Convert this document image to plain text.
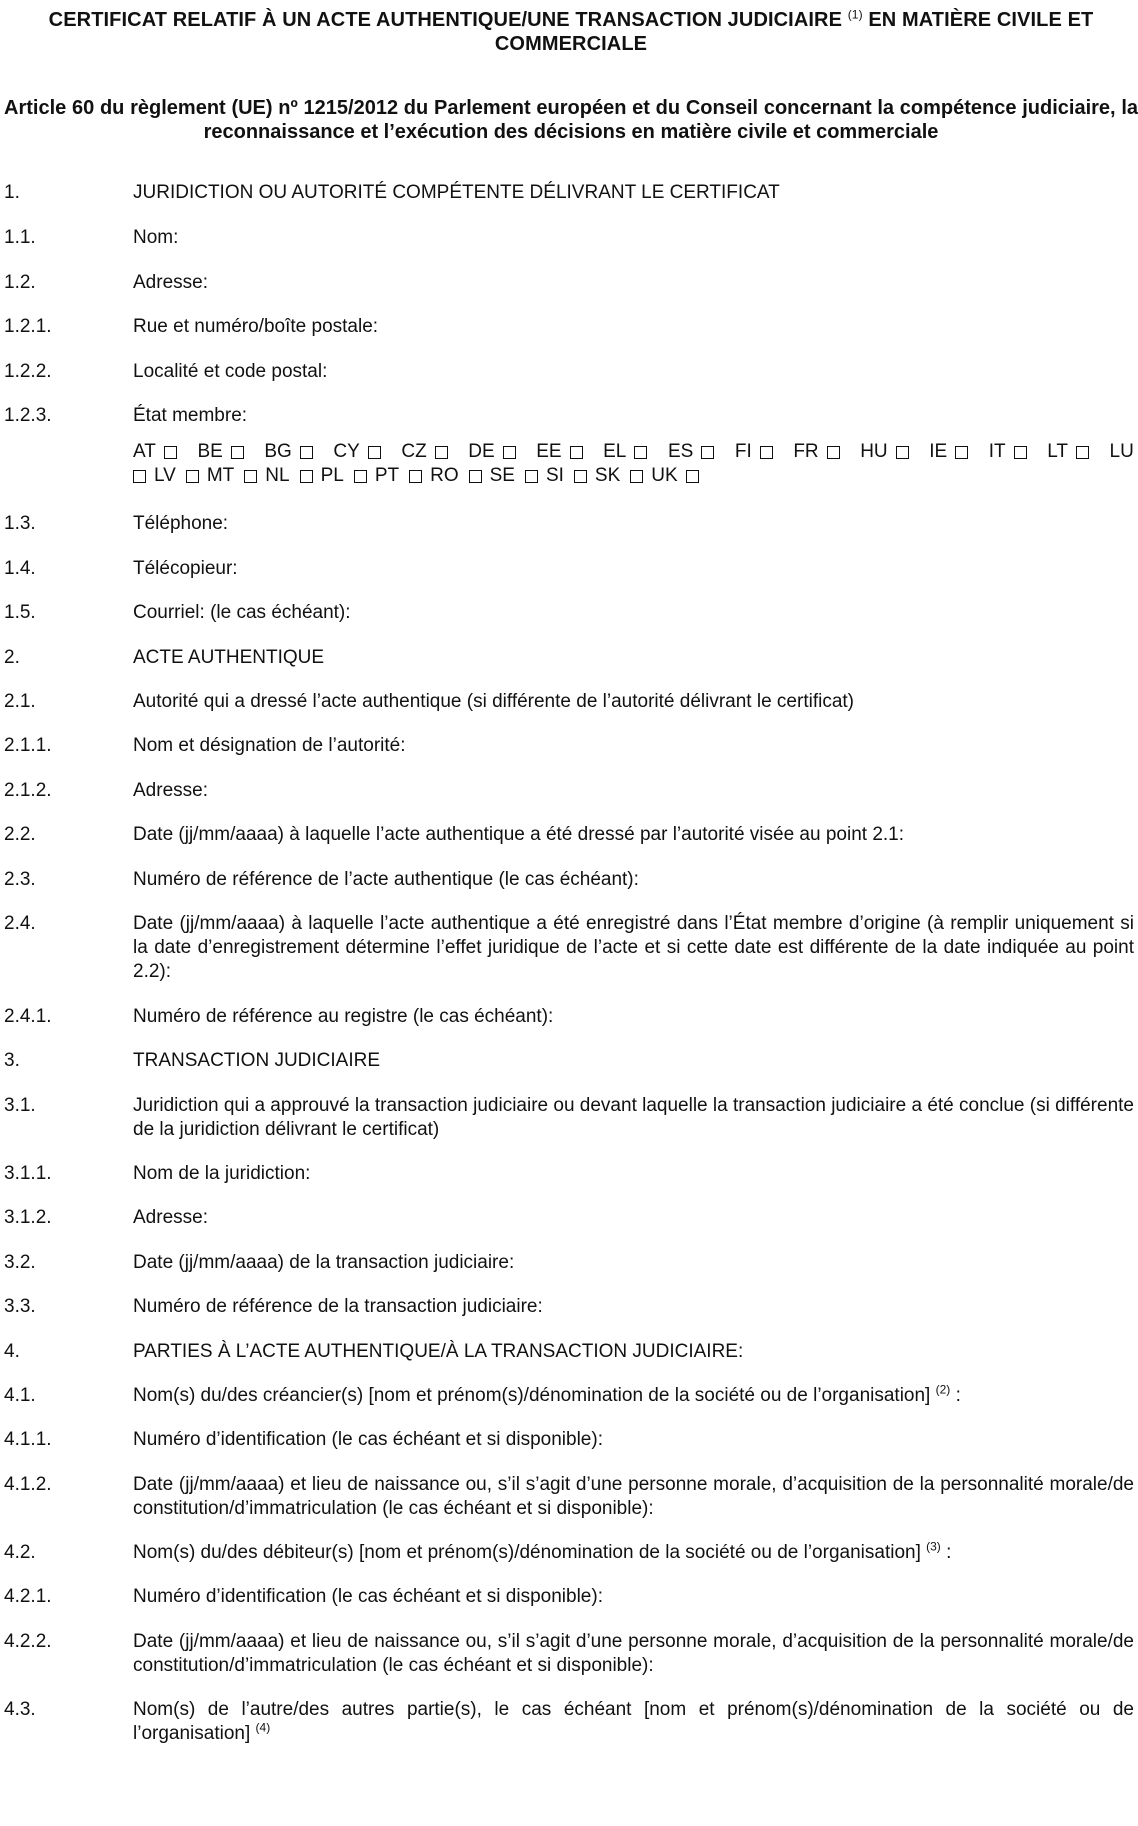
CERTIFICAT RELATIF À UN ACTE AUTHENTIQUE/UNE TRANSACTION JUDICIAIRE $^{(1)}$ EN MATIÈRE CIVILE ET COMMERCIALE
Article 60 du règlement (UE) nº 1215/2012 du Parlement européen et du Conseil concernant la compétence judiciaire, la reconnaissance et l’exécution des décisions en matière civile et commerciale
1.	JURIDICTION OU AUTORITÉ COMPÉTENTE DÉLIVRANT LE CERTIFICAT
1.1.	Nom:
1.2.	Adresse:
1.2.1.	Rue et numéro/boîte postale:
1.2.2.	Localité et code postal:
1.2.3.	État membre:
AT BE BG CY CZ DE EE EL ES FI FR HU IE IT LT LU
LV MT NL PL PT RO SE SI SK UK
1.3.	Téléphone:
1.4.	Télécopieur:
1.5.	Courriel: (le cas échéant):
2.	ACTE AUTHENTIQUE
2.1.	Autorité qui a dressé l’acte authentique (si différente de l’autorité délivrant le certificat)
2.1.1.	Nom et désignation de l’autorité:
2.1.2.	Adresse:
2.2.	Date (jj/mm/aaaa) à laquelle l’acte authentique a été dressé par l’autorité visée au point 2.1:
2.3.	Numéro de référence de l’acte authentique (le cas échéant):
2.4.	Date (jj/mm/aaaa) à laquelle l’acte authentique a été enregistré dans l’État membre d’origine (à remplir uniquement si la date d’enregistrement détermine l’effet juridique de l’acte et si cette date est différente de la date indiquée au point 2.2):
2.4.1.	Numéro de référence au registre (le cas échéant):
3.	TRANSACTION JUDICIAIRE
3.1.	Juridiction qui a approuvé la transaction judiciaire ou devant laquelle la transaction judiciaire a été conclue (si différente de la juridiction délivrant le certificat)
3.1.1.	Nom de la juridiction:
3.1.2.	Adresse:
3.2.	Date (jj/mm/aaaa) de la transaction judiciaire:
3.3.	Numéro de référence de la transaction judiciaire:
4.	PARTIES À L’ACTE AUTHENTIQUE/À LA TRANSACTION JUDICIAIRE:
4.1.	Nom(s) du/des créancier(s) [nom et prénom(s)/dénomination de la société ou de l’organisation] $^{(2)}$ :
4.1.1.	Numéro d’identification (le cas échéant et si disponible):
4.1.2.	Date (jj/mm/aaaa) et lieu de naissance ou, s’il s’agit d’une personne morale, d’acquisition de la personnalité morale/de constitution/d’immatriculation (le cas échéant et si disponible):
4.2.	Nom(s) du/des débiteur(s) [nom et prénom(s)/dénomination de la société ou de l’organisation] $^{(3)}$ :
4.2.1.	Numéro d’identification (le cas échéant et si disponible):
4.2.2.	Date (jj/mm/aaaa) et lieu de naissance ou, s’il s’agit d’une personne morale, d’acquisition de la personnalité morale/de constitution/d’immatriculation (le cas échéant et si disponible):
4.3.	Nom(s) de l’autre/des autres partie(s), le cas échéant [nom et prénom(s)/dénomination de la société ou de l’organisation] $^{(4)}$
